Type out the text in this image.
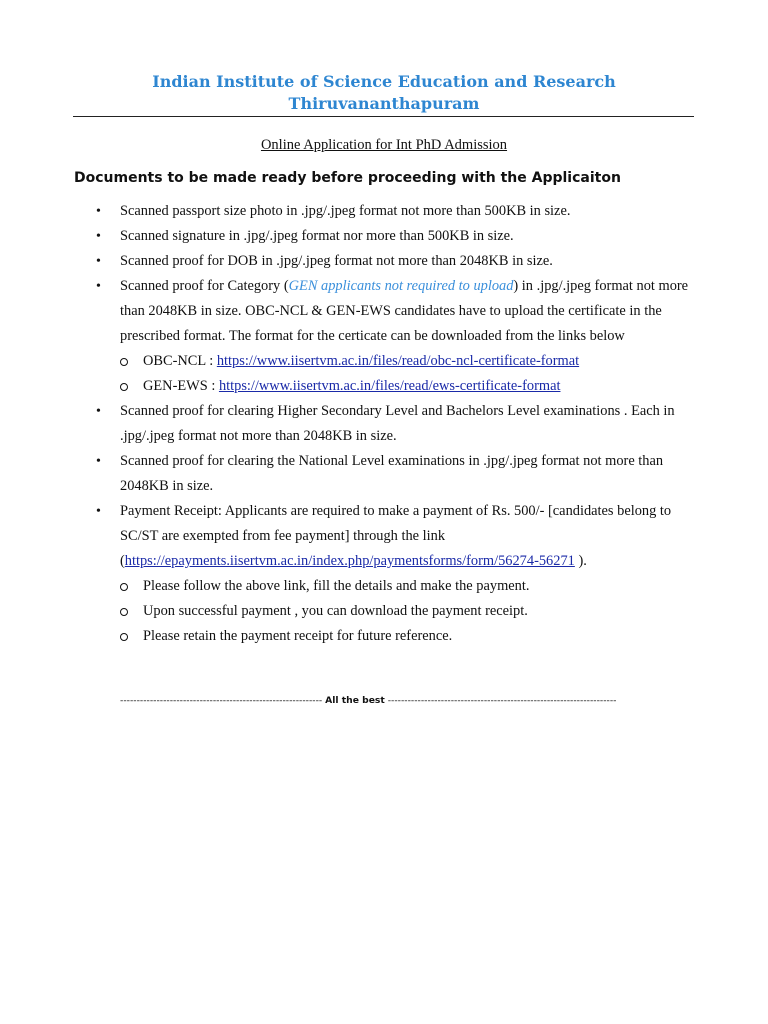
Indian Institute of Science Education and Research
Thiruvananthapuram
Online Application for Int PhD Admission
Documents to be made ready before proceeding with the Applicaiton
• Scanned passport size photo in .jpg/.jpeg format not more than 500KB in size.
• Scanned signature in .jpg/.jpeg format nor more than 500KB in size.
• Scanned proof for DOB in .jpg/.jpeg format not more than 2048KB in size.
• Scanned proof for Category (GEN applicants not required to upload) in .jpg/.jpeg format not more than 2048KB in size. OBC-NCL & GEN-EWS candidates have to upload the certificate in the prescribed format. The format for the certicate can be downloaded from the links below
OBC-NCL : https://www.iisertvm.ac.in/files/read/obc-ncl-certificate-format
GEN-EWS : https://www.iisertvm.ac.in/files/read/ews-certificate-format
• Scanned proof for clearing Higher Secondary Level and Bachelors Level examinations . Each in .jpg/.jpeg format not more than 2048KB in size.
• Scanned proof for clearing the National Level examinations in .jpg/.jpeg format not more than 2048KB in size.
• Payment Receipt: Applicants are required to make a payment of Rs. 500/- [candidates belong to SC/ST are exempted from fee payment] through the link (https://epayments.iisertvm.ac.in/index.php/paymentsforms/form/56274-56271 ).
Please follow the above link, fill the details and make the payment.
Upon successful payment , you can download the payment receipt.
Please retain the payment receipt for future reference.
------------------------------------------------------------- All the best ---------------------------------------------------------------------
